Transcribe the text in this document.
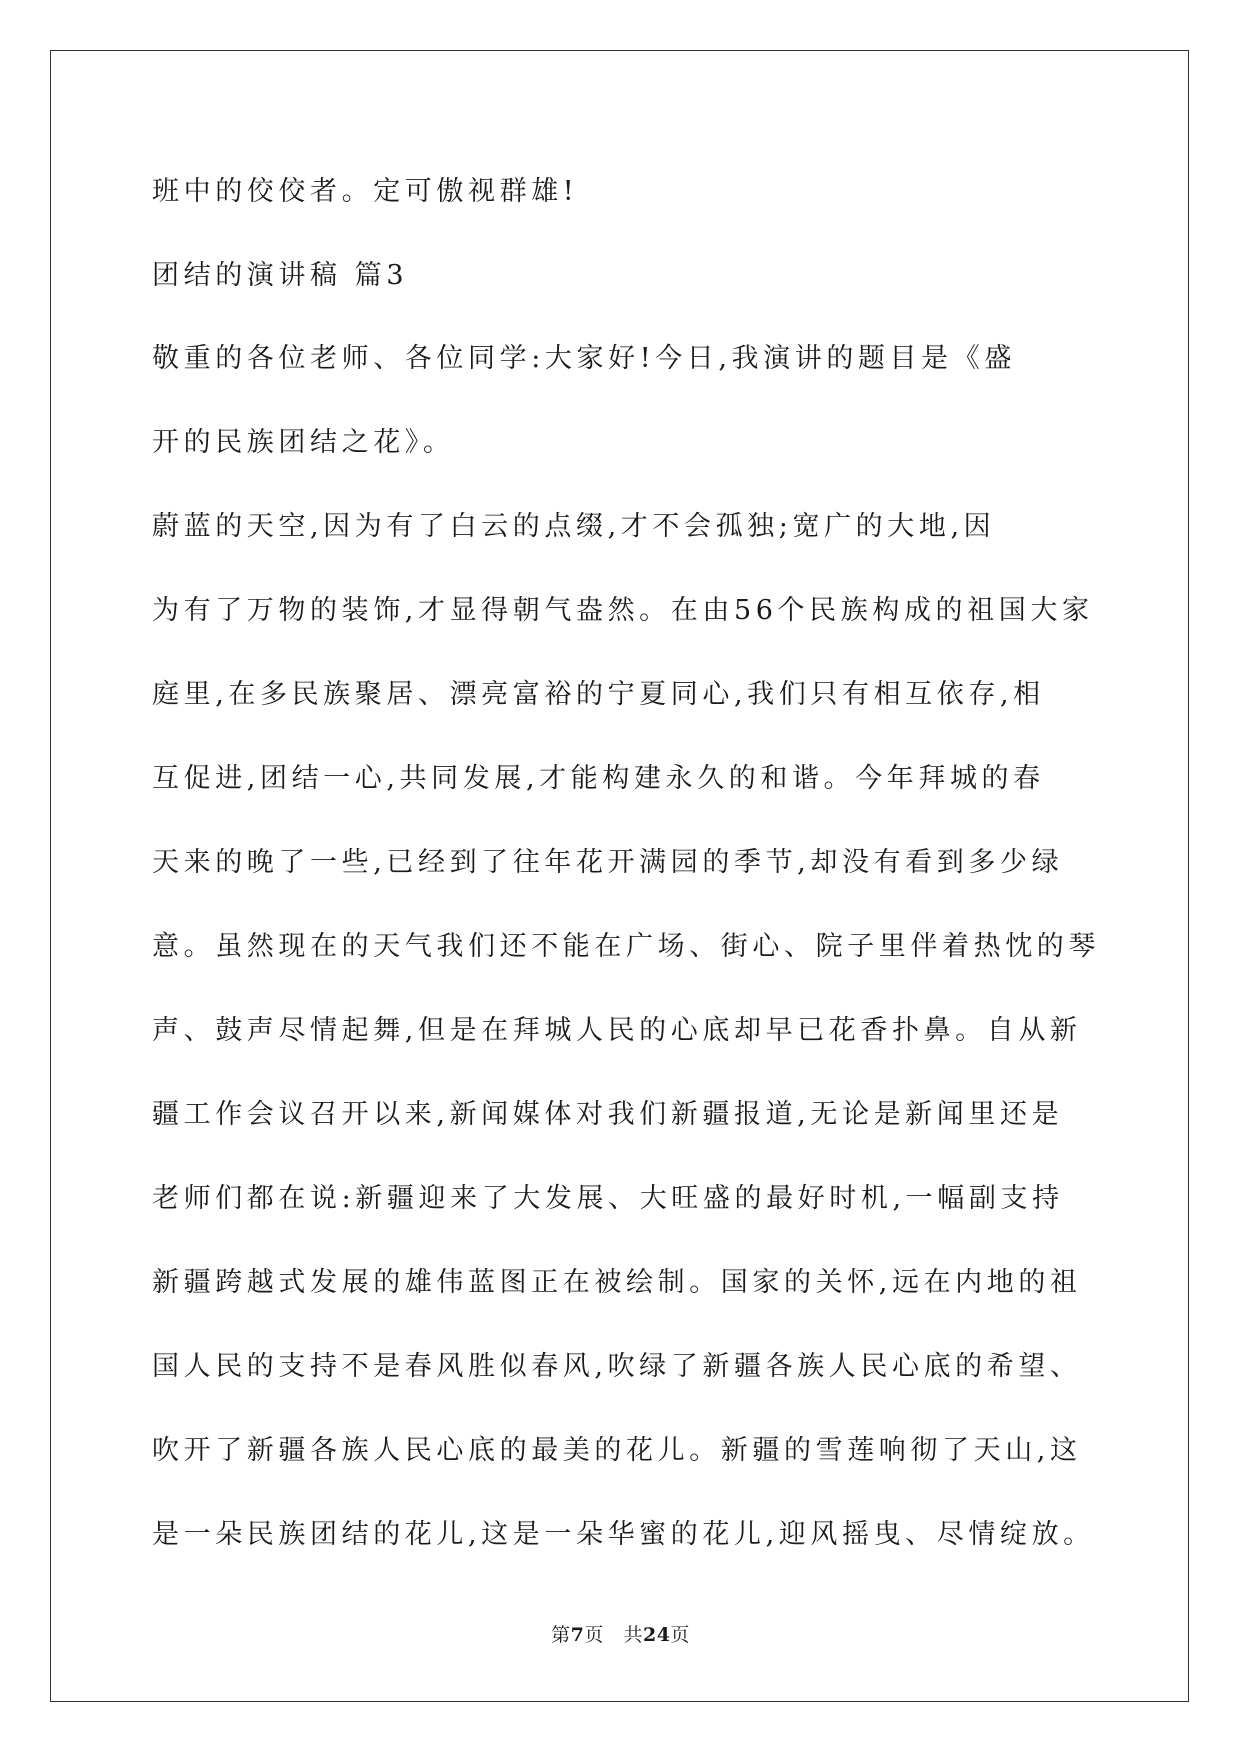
班中的佼佼者。定可傲视群雄!
团结的演讲稿 篇3
敬重的各位老师、各位同学:大家好!今日,我演讲的题目是《盛
开的民族团结之花》。
蔚蓝的天空,因为有了白云的点缀,才不会孤独;宽广的大地,因
为有了万物的装饰,才显得朝气盎然。在由56个民族构成的祖国大家
庭里,在多民族聚居、漂亮富裕的宁夏同心,我们只有相互依存,相
互促进,团结一心,共同发展,才能构建永久的和谐。今年拜城的春
天来的晚了一些,已经到了往年花开满园的季节,却没有看到多少绿
意。虽然现在的天气我们还不能在广场、街心、院子里伴着热忱的琴
声、鼓声尽情起舞,但是在拜城人民的心底却早已花香扑鼻。自从新
疆工作会议召开以来,新闻媒体对我们新疆报道,无论是新闻里还是
老师们都在说:新疆迎来了大发展、大旺盛的最好时机,一幅副支持
新疆跨越式发展的雄伟蓝图正在被绘制。国家的关怀,远在内地的祖
国人民的支持不是春风胜似春风,吹绿了新疆各族人民心底的希望、
吹开了新疆各族人民心底的最美的花儿。新疆的雪莲响彻了天山,这
是一朵民族团结的花儿,这是一朵华蜜的花儿,迎风摇曳、尽情绽放。
第7页 共24页
